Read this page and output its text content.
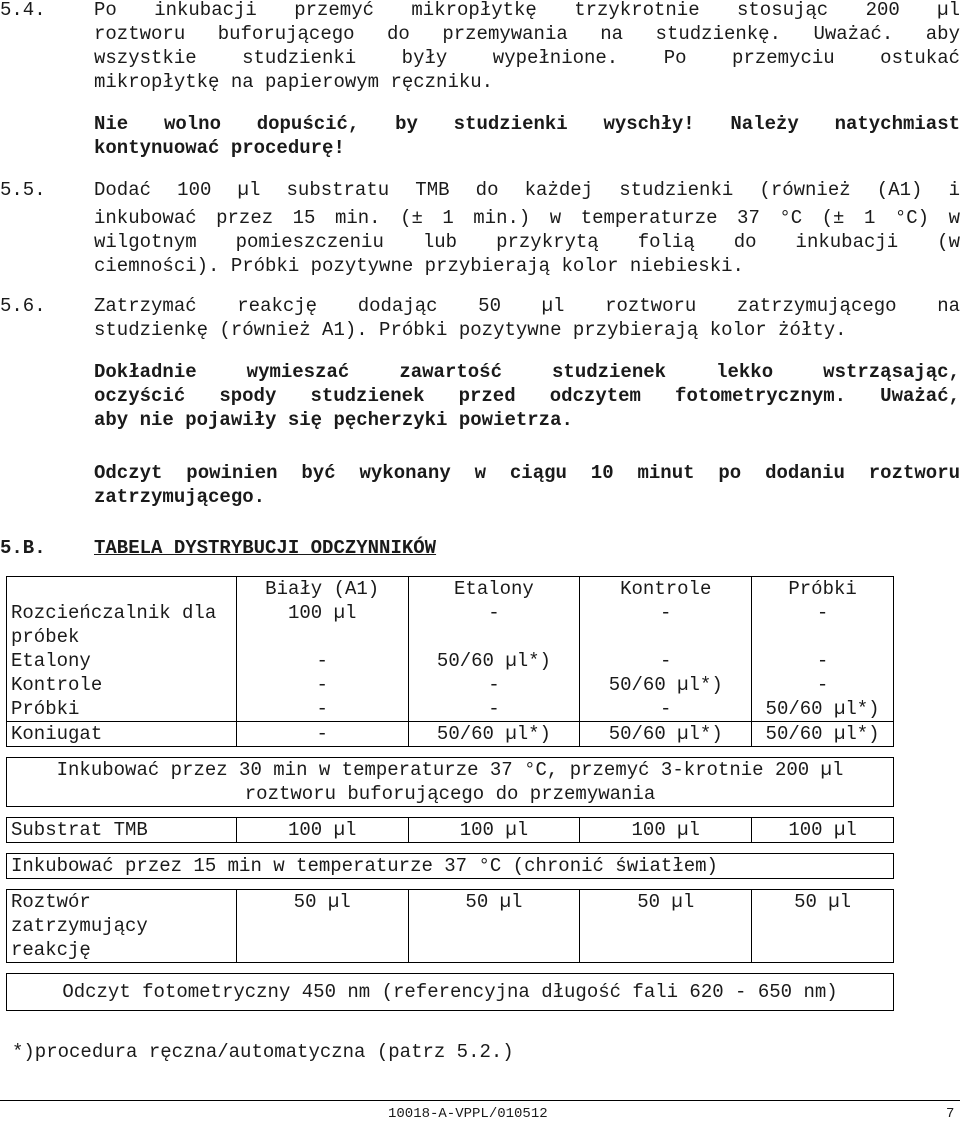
5.4.	Po inkubacji przemyć mikropłytkę trzykrotnie stosując 200 µl
roztworu buforującego do przemywania na studzienkę. Uważać. aby
wszystkie studzienki były wypełnione. Po przemyciu ostukać
mikropłytkę na papierowym ręczniku.
Nie wolno dopuścić, by studzienki wyschły! Należy natychmiast
kontynuować procedurę!
5.5.	Dodać 100 µl substratu TMB do każdej studzienki (również (A1) i
inkubować przez 15 min. (± 1 min.) w temperaturze 37 °C (± 1 °C) w
wilgotnym pomieszczeniu lub przykrytą folią do inkubacji (w
ciemności). Próbki pozytywne przybierają kolor niebieski.
5.6.	Zatrzymać reakcję dodając 50 µl roztworu zatrzymującego na
studzienkę (również A1). Próbki pozytywne przybierają kolor żółty.
Dokładnie wymieszać zawartość studzienek lekko wstrząsając,
oczyścić spody studzienek przed odczytem fotometrycznym. Uważać,
aby nie pojawiły się pęcherzyki powietrza.
Odczyt powinien być wykonany w ciągu 10 minut po dodaniu roztworu
zatrzymującego.
5.B.	TABELA DYSTRYBUCJI ODCZYNNIKÓW
	Biały (A1)	Etalony	Kontrole	Próbki
Rozcieńczalnik dla próbek	100 µl	-	-	-
Etalony	-	50/60 µl*)	-	-
Kontrole	-	-	50/60 µl*)	-
Próbki	-	-	-	50/60 µl*)
Koniugat	-	50/60 µl*)	50/60 µl*)	50/60 µl*)

Inkubować przez 30 min w temperaturze 37 °C, przemyć 3-krotnie 200 µl roztworu buforującego do przemywania				

Substrat TMB	100 µl	100 µl	100 µl	100 µl

Inkubować przez 15 min w temperaturze 37 °C (chronić światłem)				

Roztwór zatrzymujący reakcję	50 µl	50 µl	50 µl	50 µl

Odczyt fotometryczny 450 nm (referencyjna długość fali 620 - 650 nm)				
*)procedura ręczna/automatyczna (patrz 5.2.)
10018-A-VPPL/010512	7
